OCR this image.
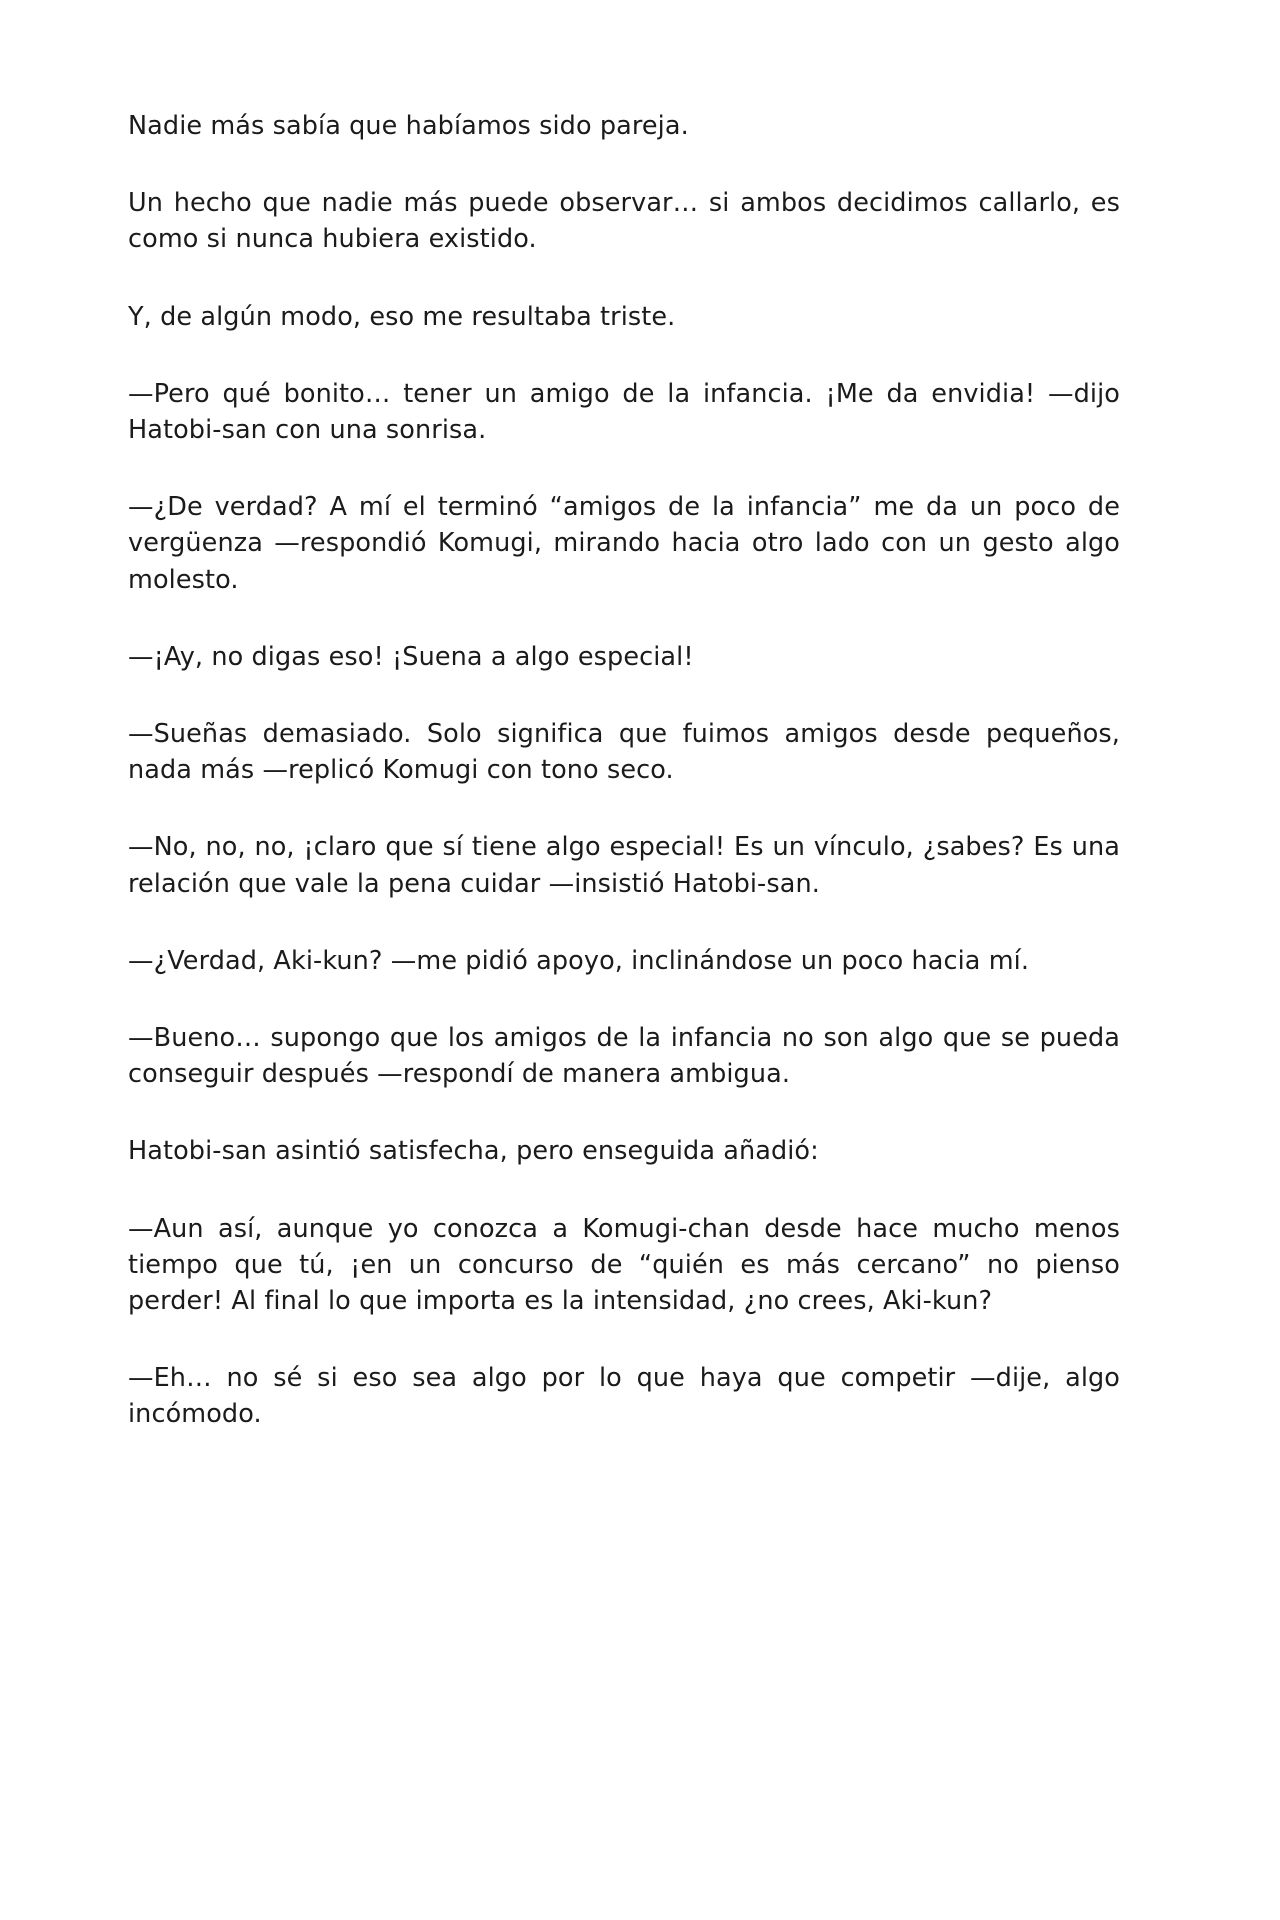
Nadie más sabía que habíamos sido pareja.

Un hecho que nadie más puede observar… si ambos decidimos callarlo, es como si nunca hubiera existido.

Y, de algún modo, eso me resultaba triste.

—Pero qué bonito… tener un amigo de la infancia. ¡Me da envidia! —dijo Hatobi-san con una sonrisa.

—¿De verdad? A mí el terminó “amigos de la infancia” me da un poco de vergüenza —respondió Komugi, mirando hacia otro lado con un gesto algo molesto.

—¡Ay, no digas eso! ¡Suena a algo especial!

—Sueñas demasiado. Solo significa que fuimos amigos desde pequeños, nada más —replicó Komugi con tono seco.

—No, no, no, ¡claro que sí tiene algo especial! Es un vínculo, ¿sabes? Es una relación que vale la pena cuidar —insistió Hatobi-san.

—¿Verdad, Aki-kun? —me pidió apoyo, inclinándose un poco hacia mí.

—Bueno… supongo que los amigos de la infancia no son algo que se pueda conseguir después —respondí de manera ambigua.

Hatobi-san asintió satisfecha, pero enseguida añadió:

—Aun así, aunque yo conozca a Komugi-chan desde hace mucho menos tiempo que tú, ¡en un concurso de “quién es más cercano” no pienso perder! Al final lo que importa es la intensidad, ¿no crees, Aki-kun?

—Eh… no sé si eso sea algo por lo que haya que competir —dije, algo incómodo.
